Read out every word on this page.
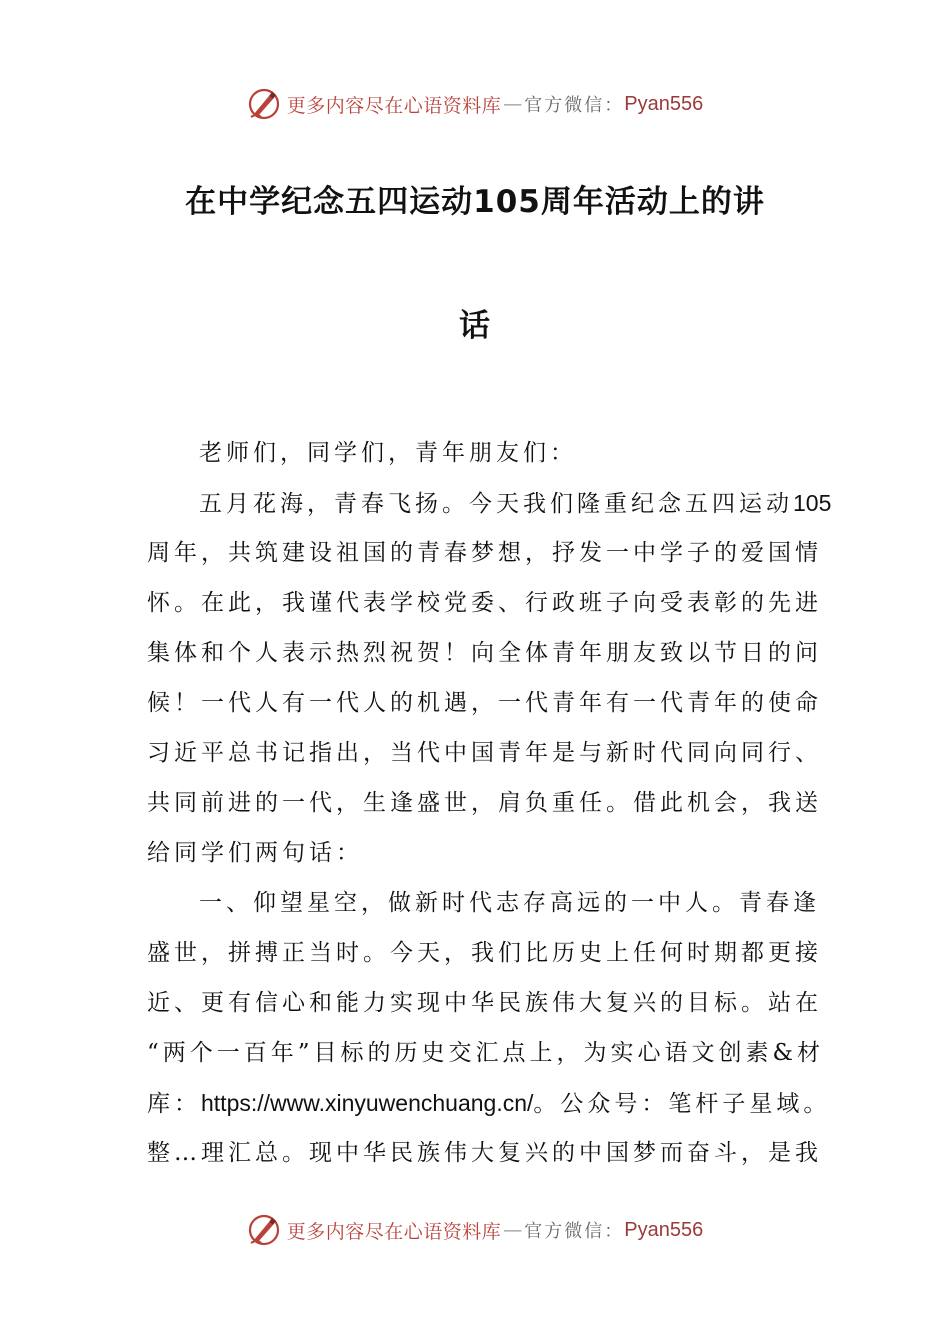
更多内容尽在心语资料库 — 官方微信： Pyan556
在中学纪念五四运动105周年活动上的讲
话
老师们，同学们，青年朋友们：
五月花海，青春飞扬。今天我们隆重纪念五四运动105
周年，共筑建设祖国的青春梦想，抒发一中学子的爱国情
怀。在此，我谨代表学校党委、行政班子向受表彰的先进
集体和个人表示热烈祝贺！向全体青年朋友致以节日的问
候！一代人有一代人的机遇，一代青年有一代青年的使命
习近平总书记指出，当代中国青年是与新时代同向同行、
共同前进的一代，生逢盛世，肩负重任。借此机会，我送
给同学们两句话：
一、仰望星空，做新时代志存高远的一中人。青春逢
盛世，拼搏正当时。今天，我们比历史上任何时期都更接
近、更有信心和能力实现中华民族伟大复兴的目标。站在
“两个一百年”目标的历史交汇点上，为实心语文创素&材
库：https://www.xinyuwenchuang.cn/。公众号：笔杆子星域。
整…理汇总。现中华民族伟大复兴的中国梦而奋斗，是我
更多内容尽在心语资料库 — 官方微信： Pyan556
